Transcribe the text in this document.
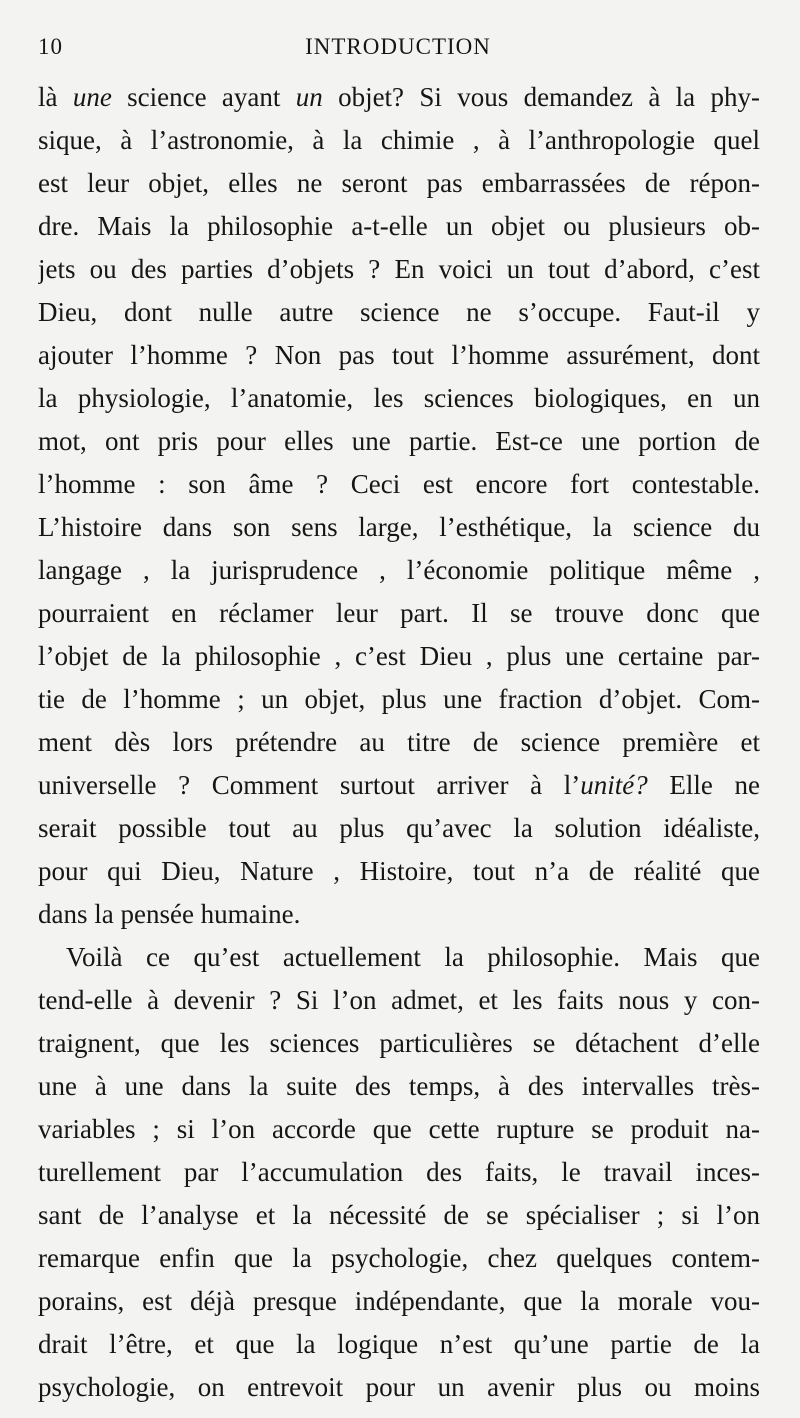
10	INTRODUCTION
là une science ayant un objet? Si vous demandez à la phy-
sique, à l’astronomie, à la chimie , à l’anthropologie quel
est leur objet, elles ne seront pas embarrassées de répon-
dre. Mais la philosophie a-t-elle un objet ou plusieurs ob-
jets ou des parties d’objets ? En voici un tout d’abord, c’est
Dieu, dont nulle autre science ne s’occupe. Faut-il y
ajouter l’homme ? Non pas tout l’homme assurément, dont
la physiologie, l’anatomie, les sciences biologiques, en un
mot, ont pris pour elles une partie. Est-ce une portion de
l’homme : son âme ? Ceci est encore fort contestable.
L’histoire dans son sens large, l’esthétique, la science du
langage , la jurisprudence , l’économie politique même ,
pourraient en réclamer leur part. Il se trouve donc que
l’objet de la philosophie , c’est Dieu , plus une certaine par-
tie de l’homme ; un objet, plus une fraction d’objet. Com-
ment dès lors prétendre au titre de science première et
universelle ? Comment surtout arriver à l’unité? Elle ne
serait possible tout au plus qu’avec la solution idéaliste,
pour qui Dieu, Nature , Histoire, tout n’a de réalité que
dans la pensée humaine.
Voilà ce qu’est actuellement la philosophie. Mais que
tend-elle à devenir ? Si l’on admet, et les faits nous y con-
traignent, que les sciences particulières se détachent d’elle
une à une dans la suite des temps, à des intervalles très-
variables ; si l’on accorde que cette rupture se produit na-
turellement par l’accumulation des faits, le travail inces-
sant de l’analyse et la nécessité de se spécialiser ; si l’on
remarque enfin que la psychologie, chez quelques contem-
porains, est déjà presque indépendante, que la morale vou-
drait l’être, et que la logique n’est qu’une partie de la
psychologie, on entrevoit pour un avenir plus ou moins
